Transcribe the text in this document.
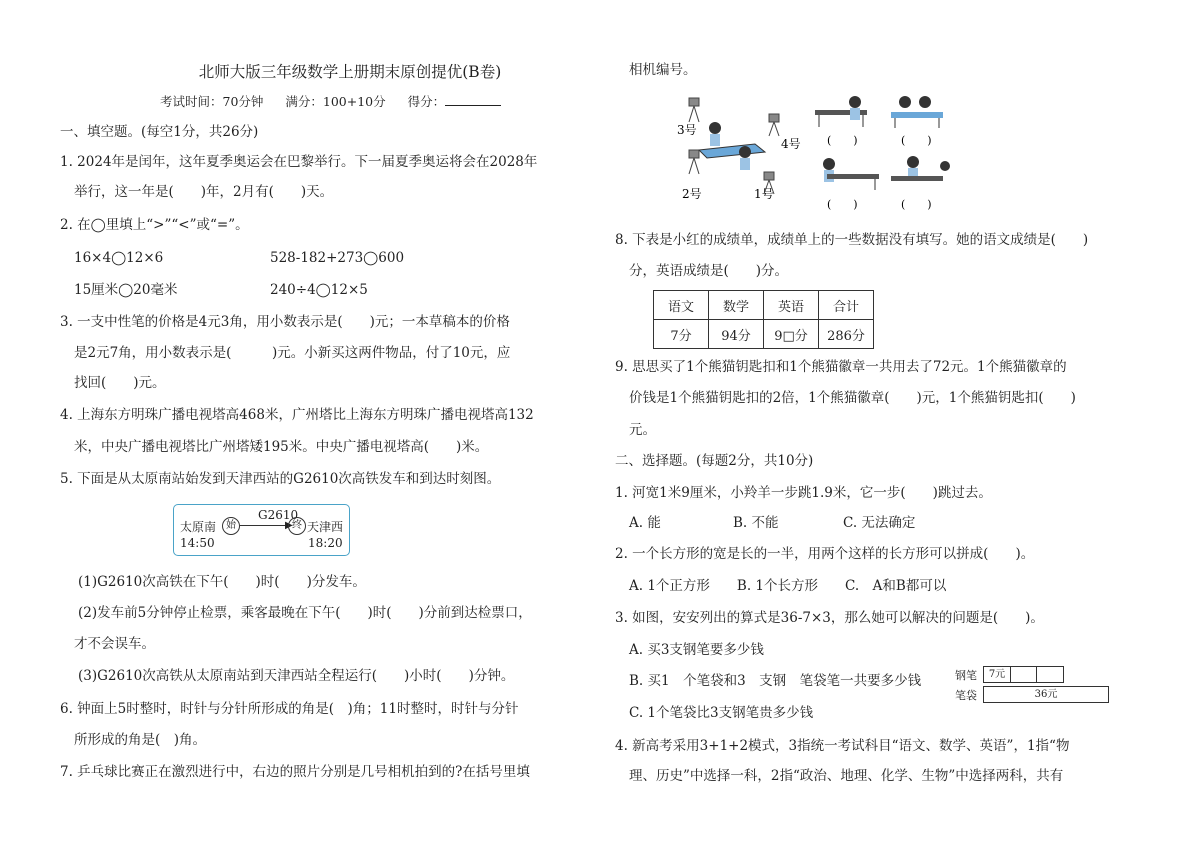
北师大版三年级数学上册期末原创提优(B卷)
考试时间：70分钟 满分：100+10分 得分：
一、填空题。(每空1分，共26分)
1. 2024年是闰年，这年夏季奥运会在巴黎举行。下一届夏季奥运将会在2028年
举行，这一年是(　　)年，2月有(　　)天。
2. 在◯里填上“>”“<”或“=”。
16×4◯12×6	528-182+273◯600
15厘米◯20毫米	240÷4◯12×5
3. 一支中性笔的价格是4元3角，用小数表示是(　　)元；一本草稿本的价格
是2元7角，用小数表示是(　　　)元。小新买这两件物品，付了10元，应
找回(　　)元。
4. 上海东方明珠广播电视塔高468米，广州塔比上海东方明珠广播电视塔高132
米，中央广播电视塔比广州塔矮195米。中央广播电视塔高(　　)米。
5. 下面是从太原南站始发到天津西站的G2610次高铁发车和到达时刻图。
太原南 始
G2610
▶ 终 天津西
14:50	18:20
(1)G2610次高铁在下午(　　)时(　　)分发车。
(2)发车前5分钟停止检票，乘客最晚在下午(　　)时(　　)分前到达检票口，
才不会误车。
(3)G2610次高铁从太原南站到天津西站全程运行(　　)小时(　　)分钟。
6. 钟面上5时整时，时针与分针所形成的角是(　)角；11时整时，时针与分针
所形成的角是(　)角。
7. 乒乓球比赛正在激烈进行中，右边的照片分别是几号相机拍到的?在括号里填
相机编号。
3号
4号
2号	1号
(　　)	(　　)
(　　)	(　　)
8. 下表是小红的成绩单，成绩单上的一些数据没有填写。她的语文成绩是(　　)
分，英语成绩是(　　)分。
语文	数学	英语	合计
7分	94分	9□分	286分
9. 思思买了1个熊猫钥匙扣和1个熊猫徽章一共用去了72元。1个熊猫徽章的
价钱是1个熊猫钥匙扣的2倍，1个熊猫徽章(　　)元，1个熊猫钥匙扣(　　)
元。
二、选择题。(每题2分，共10分)
1. 河宽1米9厘米，小羚羊一步跳1.9米，它一步(　　)跳过去。
A. 能	B. 不能	C. 无法确定
2. 一个长方形的宽是长的一半，用两个这样的长方形可以拼成(　　)。
A. 1个正方形　　B. 1个长方形　　C.　A和B都可以
3. 如图，安安列出的算式是36-7×3，那么她可以解决的问题是(　　)。
A. 买3支钢笔要多少钱
B. 买1　个笔袋和3　支钢　笔袋笔一共要多少钱
C. 1个笔袋比3支钢笔贵多少钱
钢笔	7元
笔袋	36元
4. 新高考采用3+1+2模式，3指统一考试科目“语文、数学、英语”，1指“物
理、历史”中选择一科，2指“政治、地理、化学、生物”中选择两科，共有
